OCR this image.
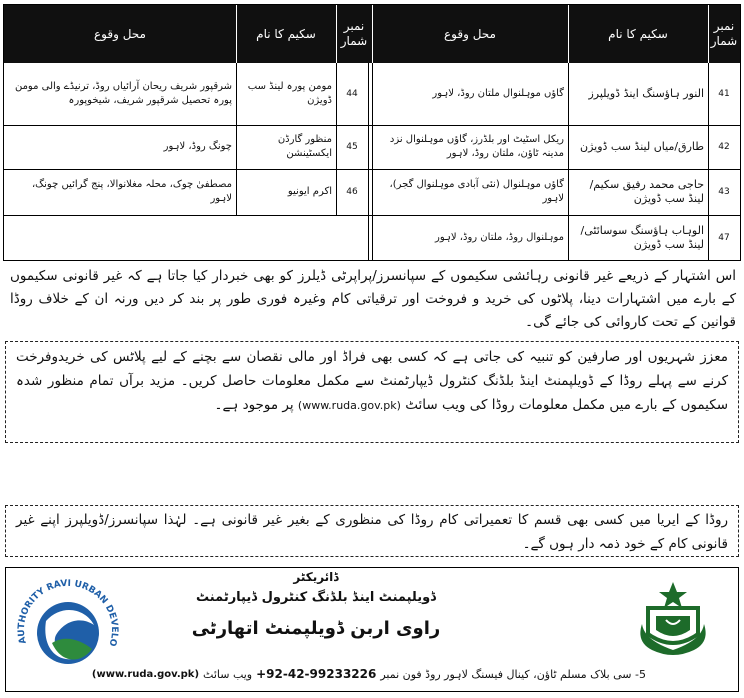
محل وقوع	سکیم کا نام
نمبر شمار
محل وقوع	سکیم کا نام
نمبر شمار
41
النور ہاؤسنگ اینڈ ڈویلپرز
گاؤں موہلنوال ملتان روڈ، لاہور
44
مومن پورہ لینڈ سب ڈویژن
شرقپور شریف ریحان آرائیاں روڈ، ترنیڈے والی مومن پورہ تحصیل شرقپور شریف، شیخوپورہ
42
طارق/میاں لینڈ سب ڈویژن
ریکل اسٹیٹ اور بلڈرز، گاؤں موہلنوال نزد مدینہ ٹاؤن، ملتان روڈ، لاہور
45
منظور گارڈن ایکسٹینشن
چونگ روڈ، لاہور
43
حاجی محمد رفیق سکیم/ لینڈ سب ڈویژن
گاؤں موہلنوال (نئی آبادی موہلنوال گجر)، لاہور
46
اکرم ایونیو
مصطفیٰ چوک، محلہ مغلانوالا، پنج گرائیں چونگ، لاہور
47
الوہاب ہاؤسنگ سوسائٹی/ لینڈ سب ڈویژن
موہلنوال روڈ، ملتان روڈ، لاہور
اس اشتہار کے ذریعے غیر قانونی رہائشی سکیموں کے سپانسرز/پراپرٹی ڈیلرز کو بھی خبردار کیا جاتا ہے کہ غیر قانونی سکیموں کے بارے میں اشتہارات دینا، پلاٹوں کی خرید و فروخت اور ترقیاتی کام وغیرہ فوری طور پر بند کر دیں ورنہ ان کے خلاف روڈا قوانین کے تحت کاروائی کی جائے گی۔
معزز شہریوں اور صارفین کو تنبیہ کی جاتی ہے کہ کسی بھی فراڈ اور مالی نقصان سے بچنے کے لیے پلاٹس کی خریدوفرخت کرنے سے پہلے روڈا کے ڈویلپمنٹ اینڈ بلڈنگ کنٹرول ڈیپارٹمنٹ سے مکمل معلومات حاصل کریں۔ مزید برآں تمام منظور شدہ سکیموں کے بارے میں مکمل معلومات روڈا کی ویب سائٹ (www.ruda.gov.pk) پر موجود ہے۔
روڈا کے ایریا میں کسی بھی قسم کا تعمیراتی کام روڈا کی منظوری کے بغیر غیر قانونی ہے۔ لہٰذا سپانسرز/ڈویلپرز اپنے غیر قانونی کام کے خود ذمہ دار ہوں گے۔
AUTHORITY RAVI URBAN DEVELO
ڈائریکٹر
ڈویلپمنٹ اینڈ بلڈنگ کنٹرول ڈیپارٹمنٹ
راوی اربن ڈویلپمنٹ اتھارٹی
5- سی بلاک مسلم ٹاؤن، کینال فیسنگ لاہور روڈ فون نمبر
+92-42-99233226
ویب سائٹ
(www.ruda.gov.pk)
